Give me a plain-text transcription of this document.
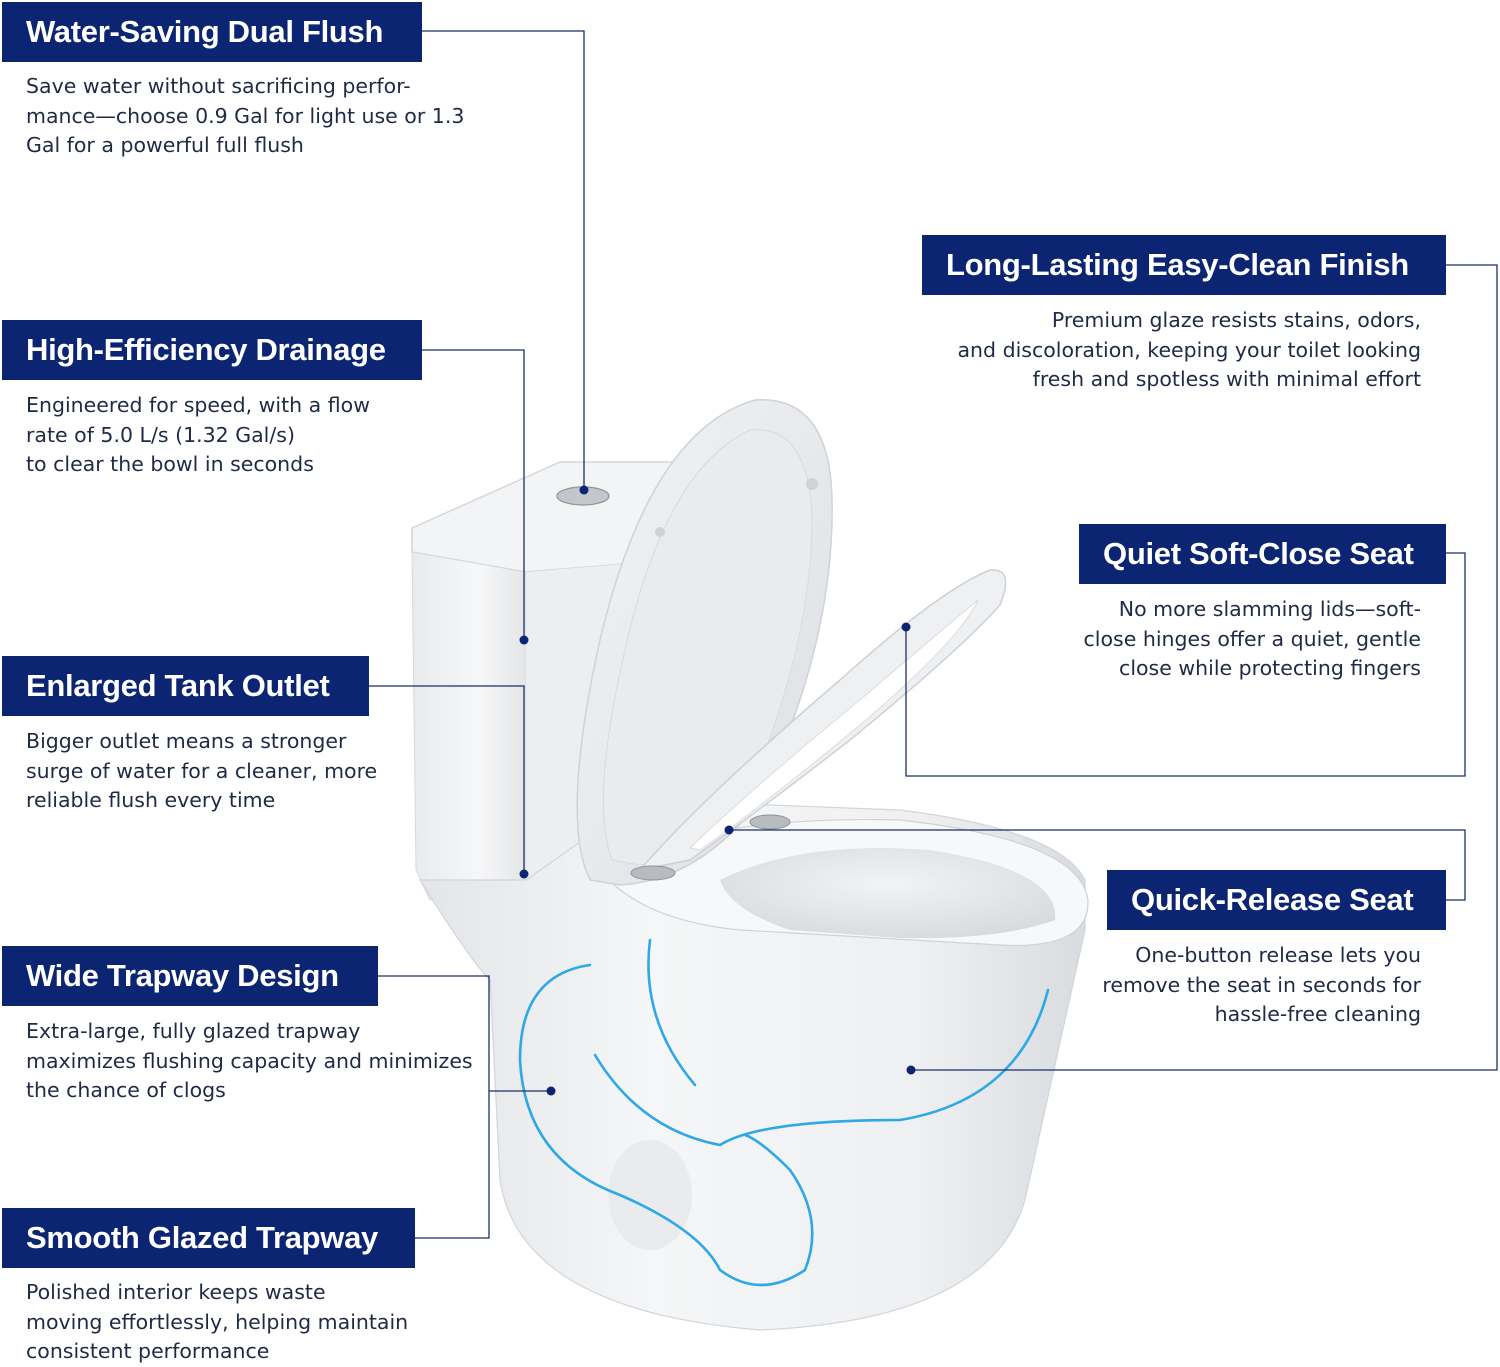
Water-Saving Dual Flush

Save water without sacrificing perfor-
mance—choose 0.9 Gal for light use or 1.3
Gal for a powerful full flush

High-Efficiency Drainage

Engineered for speed, with a flow
rate of 5.0 L/s (1.32 Gal/s)
to clear the bowl in seconds

Enlarged Tank Outlet

Bigger outlet means a stronger
surge of water for a cleaner, more
reliable flush every time

Wide Trapway Design

Extra-large, fully glazed trapway
maximizes flushing capacity and minimizes
the chance of clogs

Smooth Glazed Trapway

Polished interior keeps waste
moving effortlessly, helping maintain
consistent performance

Long-Lasting Easy-Clean Finish

Premium glaze resists stains, odors,
and discoloration, keeping your toilet looking
fresh and spotless with minimal effort

Quiet Soft-Close Seat

No more slamming lids—soft-
close hinges offer a quiet, gentle
close while protecting fingers

Quick-Release Seat

One-button release lets you
remove the seat in seconds for
hassle-free cleaning
